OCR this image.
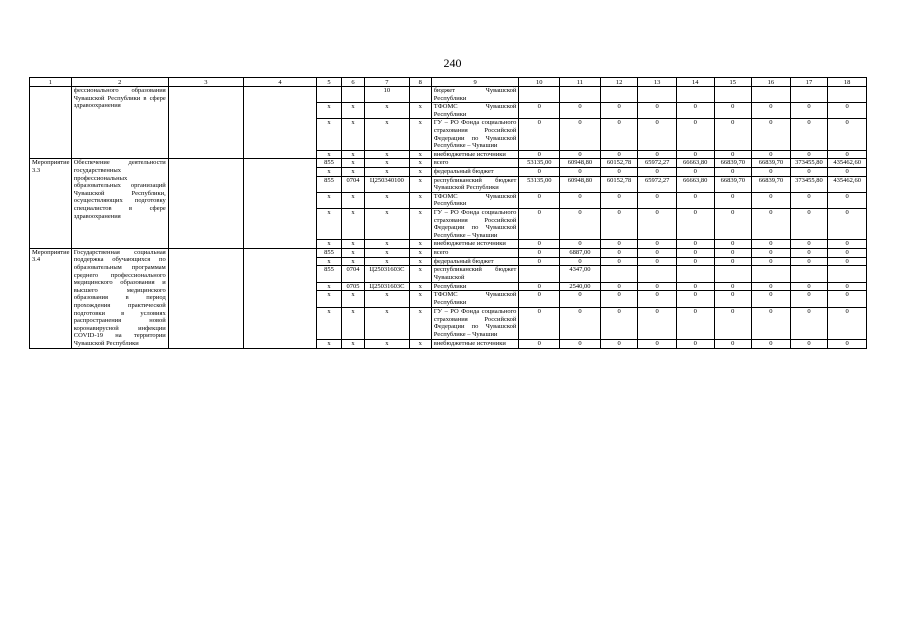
240
1	2	3	4	5	6	7	8	9	10	11	12	13	14	15	16	17	18
	фессионального образования Чувашской Республики в сфере здравоохранения					10		бюджет Чувашской Республики									
				x	x	x	x	ТФОМС Чувашской Республики	0	0	0	0	0	0	0	0	0
				x	x	x	x	ГУ – РО Фонда социального страхования Российской Федерации по Чувашской Республике – Чувашии	0	0	0	0	0	0	0	0	0
				x	x	x	x	внебюджетные источники	0	0	0	0	0	0	0	0	0
Мероприятие 3.3	Обеспечение деятельности государственных профессиональных образовательных организаций Чувашской Республики, осуществляющих подготовку специалистов в сфере здравоохранения			855	x	x	x	всего	53135,00	60948,80	60152,78	65972,27	66663,80	66839,70	66839,70	373455,80	435462,60
				x	x	x	x	федеральный бюджет	0	0	0	0	0	0	0	0	0
				855	0704	Ц250340100	x	республиканский бюджет Чувашской Республики	53135,00	60948,80	60152,78	65972,27	66663,80	66839,70	66839,70	373455,80	435462,60
				x	x	x	x	ТФОМС Чувашской Республики	0	0	0	0	0	0	0	0	0
				x	x	x	x	ГУ – РО Фонда социального страхования Российской Федерации по Чувашской Республике – Чувашии	0	0	0	0	0	0	0	0	0
				x	x	x	x	внебюджетные источники	0	0	0	0	0	0	0	0	0
Мероприятие 3.4	Государственная социальная поддержка обучающихся по образовательным программам среднего профессионального медицинского образования и высшего медицинского образования в период прохождения практической подготовки в условиях распространения новой коронавирусной инфекции COVID-19 на территории Чувашской Республики			855	x	x	x	всего	0	6887,00	0	0	0	0	0	0	0
				x	x	x	x	федеральный бюджет	0	0	0	0	0	0	0	0	0
				855	0704	Ц25031603С	x	республиканский бюджет Чувашской		4347,00							
				x	0705	Ц25031603С	x	Республики	0	2540,00	0	0	0	0	0	0	0
				x	x	x	x	ТФОМС Чувашской Республики	0	0	0	0	0	0	0	0	0
				x	x	x	x	ГУ – РО Фонда социального страхования Российской Федерации по Чувашской Республике – Чувашии	0	0	0	0	0	0	0	0	0
				x	x	x	x	внебюджетные источники	0	0	0	0	0	0	0	0	0
